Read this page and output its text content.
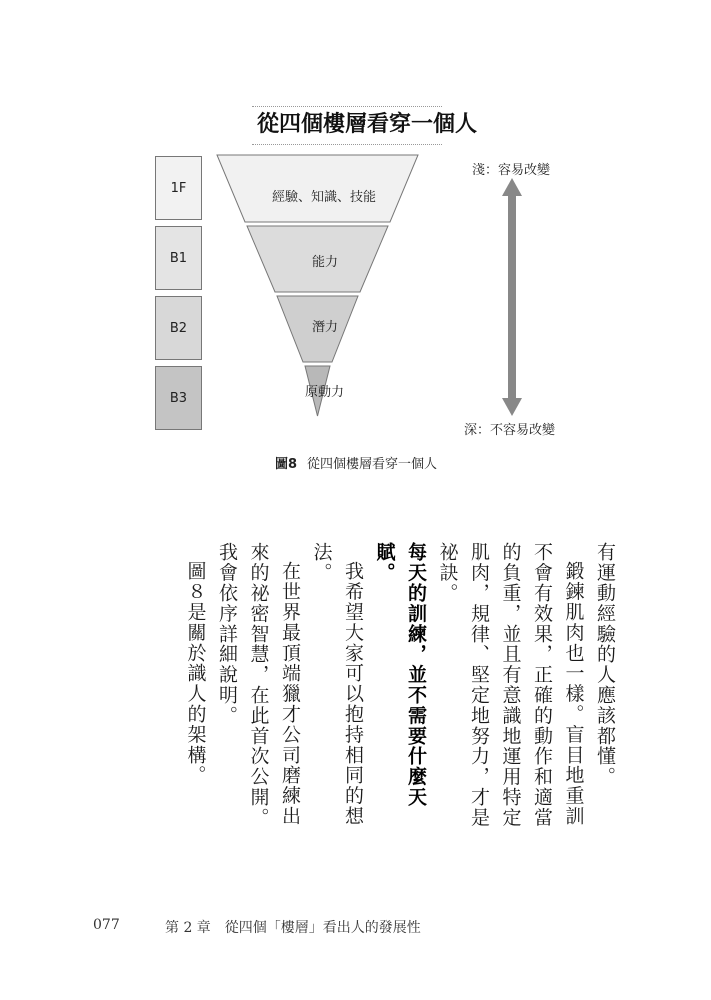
從四個樓層看穿一個人
1F
B1
B2
B3
經驗、知識、技能
能力
潛力
原動力
淺：容易改變
深：不容易改變
圖8 從四個樓層看穿一個人

有運動經驗的人應該都懂。

鍛鍊肌肉也一樣。盲目地重訓不會有效果，正確的動作和適當的負重，並且有意識地運用特定肌肉，規律、堅定地努力，才是祕訣。

每天的訓練，並不需要什麼天賦。

我希望大家可以抱持相同的想法。

在世界最頂端獵才公司磨練出來的祕密智慧，在此首次公開。我會依序詳細說明。

圖８是關於識人的架構。

077	第 2 章　從四個「樓層」看出人的發展性
